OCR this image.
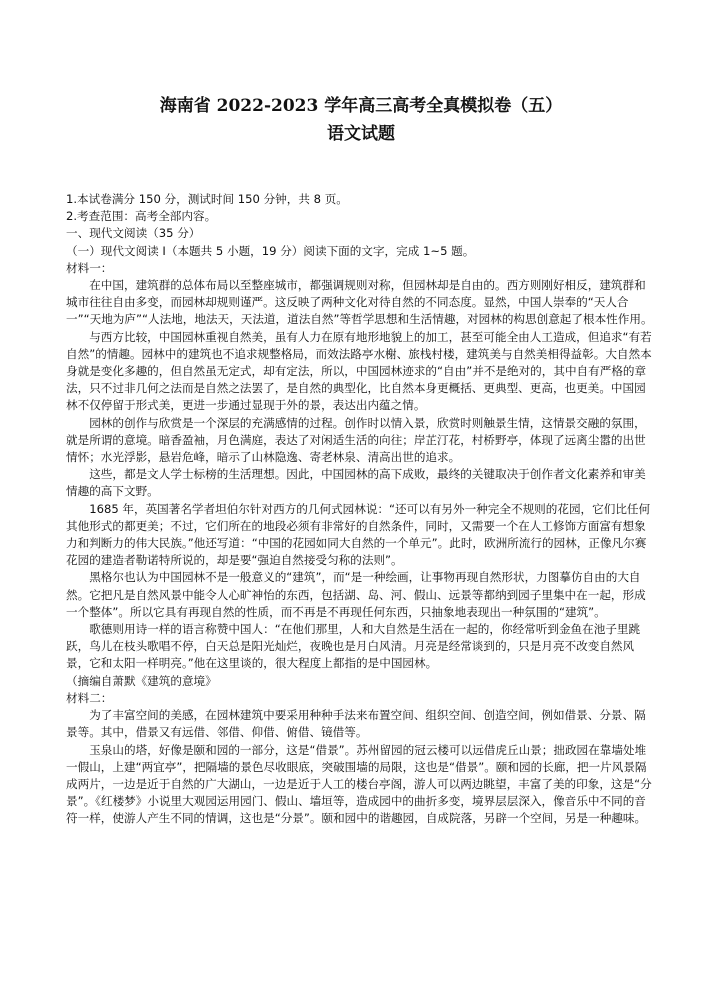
海南省 2022-2023 学年高三高考全真模拟卷（五）
语文试题

1.本试卷满分 150 分，测试时间 150 分钟，共 8 页。

2.考查范围：高考全部内容。

一、现代文阅读（35 分）

（一）现代文阅读 I（本题共 5 小题，19 分）阅读下面的文字，完成 1~5 题。

材料一：

在中国，建筑群的总体布局以至整座城市，都强调规则对称，但园林却是自由的。西方则刚好相反，建筑群和城市往往自由多变，而园林却规则谨严。这反映了两种文化对待自然的不同态度。显然，中国人崇奉的“天人合一”“天地为庐”“人法地，地法天，天法道，道法自然”等哲学思想和生活情趣，对园林的构思创意起了根本性作用。

与西方比较，中国园林重视自然美，虽有人力在原有地形地貌上的加工，甚至可能全由人工造成，但追求“有若自然”的情趣。园林中的建筑也不追求规整格局，而效法路亭水榭、旅栈村楼，建筑美与自然美相得益彰。大自然本身就是变化多趣的，但自然虽无定式，却有定法，所以，中国园林迹求的“自由”并不是绝对的，其中自有严格的章法，只不过非几何之法而是自然之法罢了，是自然的典型化，比自然本身更概括、更典型、更高，也更美。中国园林不仅停留于形式美，更进一步通过显现于外的景，表达出内蕴之情。

园林的创作与欣赏是一个深层的充满感情的过程。创作时以情入景，欣赏时则触景生情，这情景交融的氛围，就是所谓的意境。暗香盈袖，月色满庭，表达了对闲适生活的向往；岸芷汀花，村桥野亭，体现了远离尘嚣的出世情怀；水光浮影，悬岩危峰，暗示了山林隐逸、寄老林泉、清高出世的追求。

这些，都是文人学士标榜的生活理想。因此，中国园林的高下成败，最终的关键取决于创作者文化素养和审美情趣的高下文野。

1685 年，英国著名学者坦伯尔针对西方的几何式园林说：“还可以有另外一种完全不规则的花园，它们比任何其他形式的都更美；不过，它们所在的地段必须有非常好的自然条件，同时，又需要一个在人工修饰方面富有想象力和判断力的伟大民族。”他还写道：“中国的花园如同大自然的一个单元”。此时，欧洲所流行的园林，正像凡尔赛花园的建造者勒诺特所说的，却是要“强迫自然接受匀称的法则”。

黑格尔也认为中国园林不是一般意义的“建筑”，而“是一种绘画，让事物再现自然形状，力图摹仿自由的大自然。它把凡是自然风景中能令人心旷神怡的东西，包括湖、岛、河、假山、远景等都纳到园子里集中在一起，形成一个整体”。所以它具有再现自然的性质，而不再是不再现任何东西，只抽象地表现出一种氛围的“建筑”。

歌德则用诗一样的语言称赞中国人：“在他们那里，人和大自然是生活在一起的，你经常听到金鱼在池子里跳跃，鸟儿在枝头歌唱不停，白天总是阳光灿烂，夜晚也是月白风清。月亮是经常谈到的，只是月亮不改变自然风景，它和太阳一样明亮。”他在这里谈的，很大程度上都指的是中国园林。

（摘编自萧默《建筑的意境》

材料二：

为了丰富空间的美感，在园林建筑中要采用种种手法来布置空间、组织空间、创造空间，例如借景、分景、隔景等。其中，借景又有远借、邻借、仰借、俯借、镜借等。

玉泉山的塔，好像是颐和园的一部分，这是“借景”。苏州留园的冠云楼可以远借虎丘山景；拙政园在靠墙处堆一假山，上建“两宜亭”，把隔墙的景色尽收眼底，突破围墙的局限，这也是“借景”。颐和园的长廊，把一片风景隔成两片，一边是近于自然的广大湖山，一边是近于人工的楼台亭阁，游人可以两边眺望，丰富了美的印象，这是“分景”。《红楼梦》小说里大观园运用园门、假山、墙垣等，造成园中的曲折多变，境界层层深入，像音乐中不同的音符一样，使游人产生不同的情调，这也是“分景”。颐和园中的谐趣园，自成院落，另辟一个空间，另是一种趣味。
